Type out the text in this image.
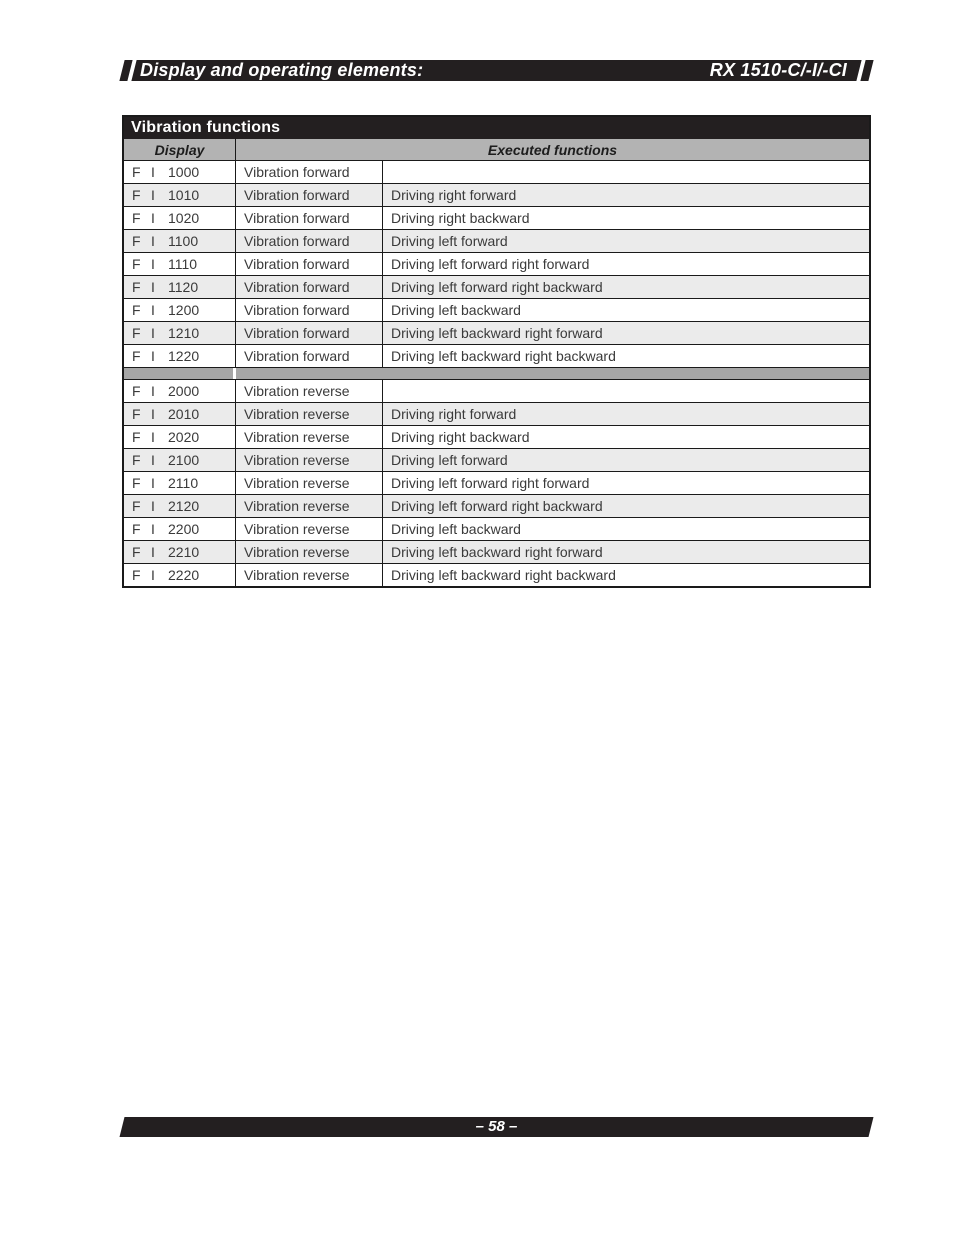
Display and operating elements:	RX 1510-C/-I/-CI
Vibration functions
Display	Executed functions
F I 1000	Vibration forward
F I 1010	Vibration forward	Driving right forward
F I 1020	Vibration forward	Driving right backward
F I 1100	Vibration forward	Driving left forward
F I 1110	Vibration forward	Driving left forward right forward
F I 1120	Vibration forward	Driving left forward right backward
F I 1200	Vibration forward	Driving left backward
F I 1210	Vibration forward	Driving left backward right forward
F I 1220	Vibration forward	Driving left backward right backward
F I 2000	Vibration reverse
F I 2010	Vibration reverse	Driving right forward
F I 2020	Vibration reverse	Driving right backward
F I 2100	Vibration reverse	Driving left forward
F I 2110	Vibration reverse	Driving left forward right forward
F I 2120	Vibration reverse	Driving left forward right backward
F I 2200	Vibration reverse	Driving left backward
F I 2210	Vibration reverse	Driving left backward right forward
F I 2220	Vibration reverse	Driving left backward right backward
– 58 –
